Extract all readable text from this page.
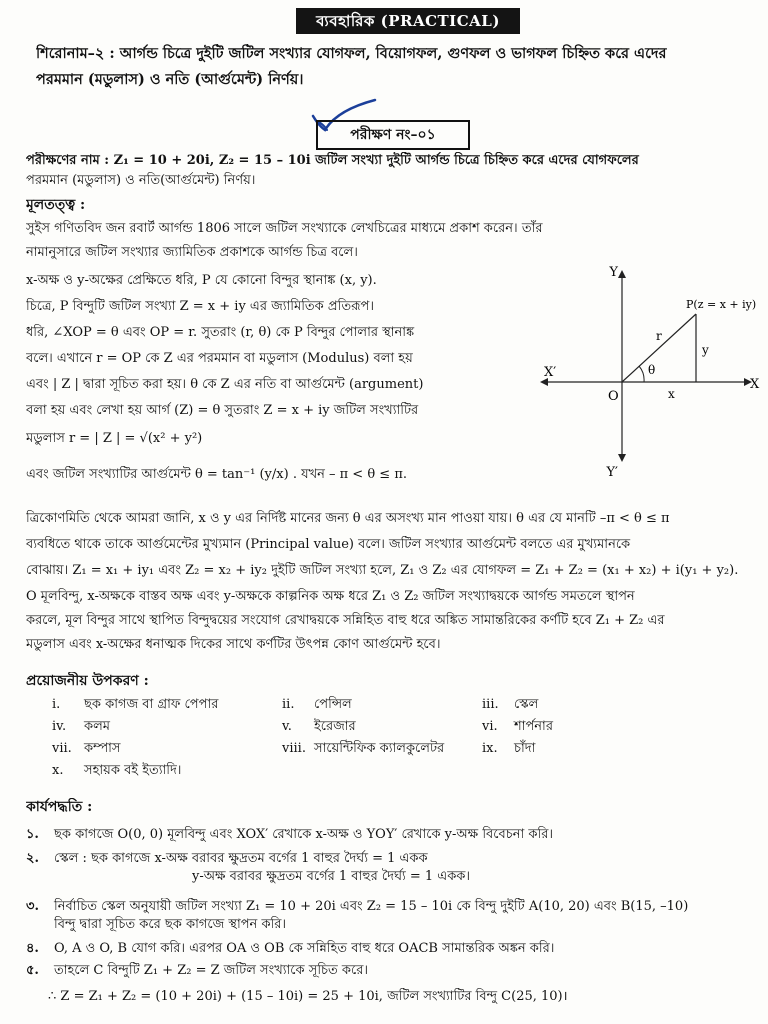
ব্যবহারিক (PRACTICAL)
শিরোনাম–২ : আর্গন্ড চিত্রে দুইটি জটিল সংখ্যার যোগফল, বিয়োগফল, গুণফল ও ভাগফল চিহ্নিত করে এদের
পরমমান (মডুলাস) ও নতি (আর্গুমেন্ট) নির্ণয়।
পরীক্ষণ নং–০১
পরীক্ষণের নাম : Z₁ = 10 + 20i, Z₂ = 15 – 10i জটিল সংখ্যা দুইটি আর্গন্ড চিত্রে চিহ্নিত করে এদের যোগফলের
পরমমান (মডুলাস) ও নতি(আর্গুমেন্ট) নির্ণয়।
মূলতত্ত্ব :
সুইস গণিতবিদ জন রবার্ট আর্গন্ড 1806 সালে জটিল সংখ্যাকে লেখচিত্রের মাধ্যমে প্রকাশ করেন। তাঁর
নামানুসারে জটিল সংখ্যার জ্যামিতিক প্রকাশকে আর্গন্ড চিত্র বলে।
x-অক্ষ ও y-অক্ষের প্রেক্ষিতে ধরি, P যে কোনো বিন্দুর স্থানাঙ্ক (x, y).
চিত্রে, P বিন্দুটি জটিল সংখ্যা Z = x + iy এর জ্যামিতিক প্রতিরূপ।
ধরি, ∠XOP = θ এবং OP = r. সুতরাং (r, θ) কে P বিন্দুর পোলার স্থানাঙ্ক
বলে। এখানে r = OP কে Z এর পরমমান বা মডুলাস (Modulus) বলা হয়
এবং | Z | দ্বারা সূচিত করা হয়। θ কে Z এর নতি বা আর্গুমেন্ট (argument)
বলা হয় এবং লেখা হয় আর্গ (Z) = θ সুতরাং Z = x + iy জটিল সংখ্যাটির
মডুলাস r = | Z | = √(x² + y²)
এবং জটিল সংখ্যাটির আর্গুমেন্ট θ = tan⁻¹ (y/x) . যখন – π < θ ≤ π.
Y
Y′
X
X′
O
P(z = x + iy)
r
θ
x
y
ত্রিকোণমিতি থেকে আমরা জানি, x ও y এর নির্দিষ্ট মানের জন্য θ এর অসংখ্য মান পাওয়া যায়। θ এর যে মানটি –π < θ ≤ π
ব্যবধিতে থাকে তাকে আর্গুমেন্টের মুখ্যমান (Principal value) বলে। জটিল সংখ্যার আর্গুমেন্ট বলতে এর মুখ্যমানকে
বোঝায়। Z₁ = x₁ + iy₁ এবং Z₂ = x₂ + iy₂ দুইটি জটিল সংখ্যা হলে, Z₁ ও Z₂ এর যোগফল = Z₁ + Z₂ = (x₁ + x₂) + i(y₁ + y₂).
O মূলবিন্দু, x-অক্ষকে বাস্তব অক্ষ এবং y-অক্ষকে কাল্পনিক অক্ষ ধরে Z₁ ও Z₂ জটিল সংখ্যাদ্বয়কে আর্গন্ড সমতলে স্থাপন
করলে, মূল বিন্দুর সাথে স্থাপিত বিন্দুদ্বয়ের সংযোগ রেখাদ্বয়কে সন্নিহিত বাহু ধরে অঙ্কিত সামান্তরিকের কর্ণটি হবে Z₁ + Z₂ এর
মডুলাস এবং x-অক্ষের ধনাত্মক দিকের সাথে কর্ণটির উৎপন্ন কোণ আর্গুমেন্ট হবে।
প্রয়োজনীয় উপকরণ :
i.	ছক কাগজ বা গ্রাফ পেপার	ii.	পেন্সিল	iii.	স্কেল
iv.	কলম	v.	ইরেজার	vi.	শার্পনার
vii. কম্পাস	viii. সায়েন্টিফিক ক্যালকুলেটর	ix.	চাঁদা
x.	সহায়ক বই ইত্যাদি।
কার্যপদ্ধতি :
১. ছক কাগজে O(0, 0) মূলবিন্দু এবং XOX′ রেখাকে x-অক্ষ ও YOY′ রেখাকে y-অক্ষ বিবেচনা করি।
২. স্কেল : ছক কাগজে x-অক্ষ বরাবর ক্ষুদ্রতম বর্গের 1 বাহুর দৈর্ঘ্য = 1 একক
y-অক্ষ বরাবর ক্ষুদ্রতম বর্গের 1 বাহুর দৈর্ঘ্য = 1 একক।
৩. নির্বাচিত স্কেল অনুযায়ী জটিল সংখ্যা Z₁ = 10 + 20i এবং Z₂ = 15 – 10i কে বিন্দু দুইটি A(10, 20) এবং B(15, –10)
বিন্দু দ্বারা সূচিত করে ছক কাগজে স্থাপন করি।
৪. O, A ও O, B যোগ করি। এরপর OA ও OB কে সন্নিহিত বাহু ধরে OACB সামান্তরিক অঙ্কন করি।
৫. তাহলে C বিন্দুটি Z₁ + Z₂ = Z জটিল সংখ্যাকে সূচিত করে।
∴ Z = Z₁ + Z₂ = (10 + 20i) + (15 – 10i) = 25 + 10i, জটিল সংখ্যাটির বিন্দু C(25, 10)।
